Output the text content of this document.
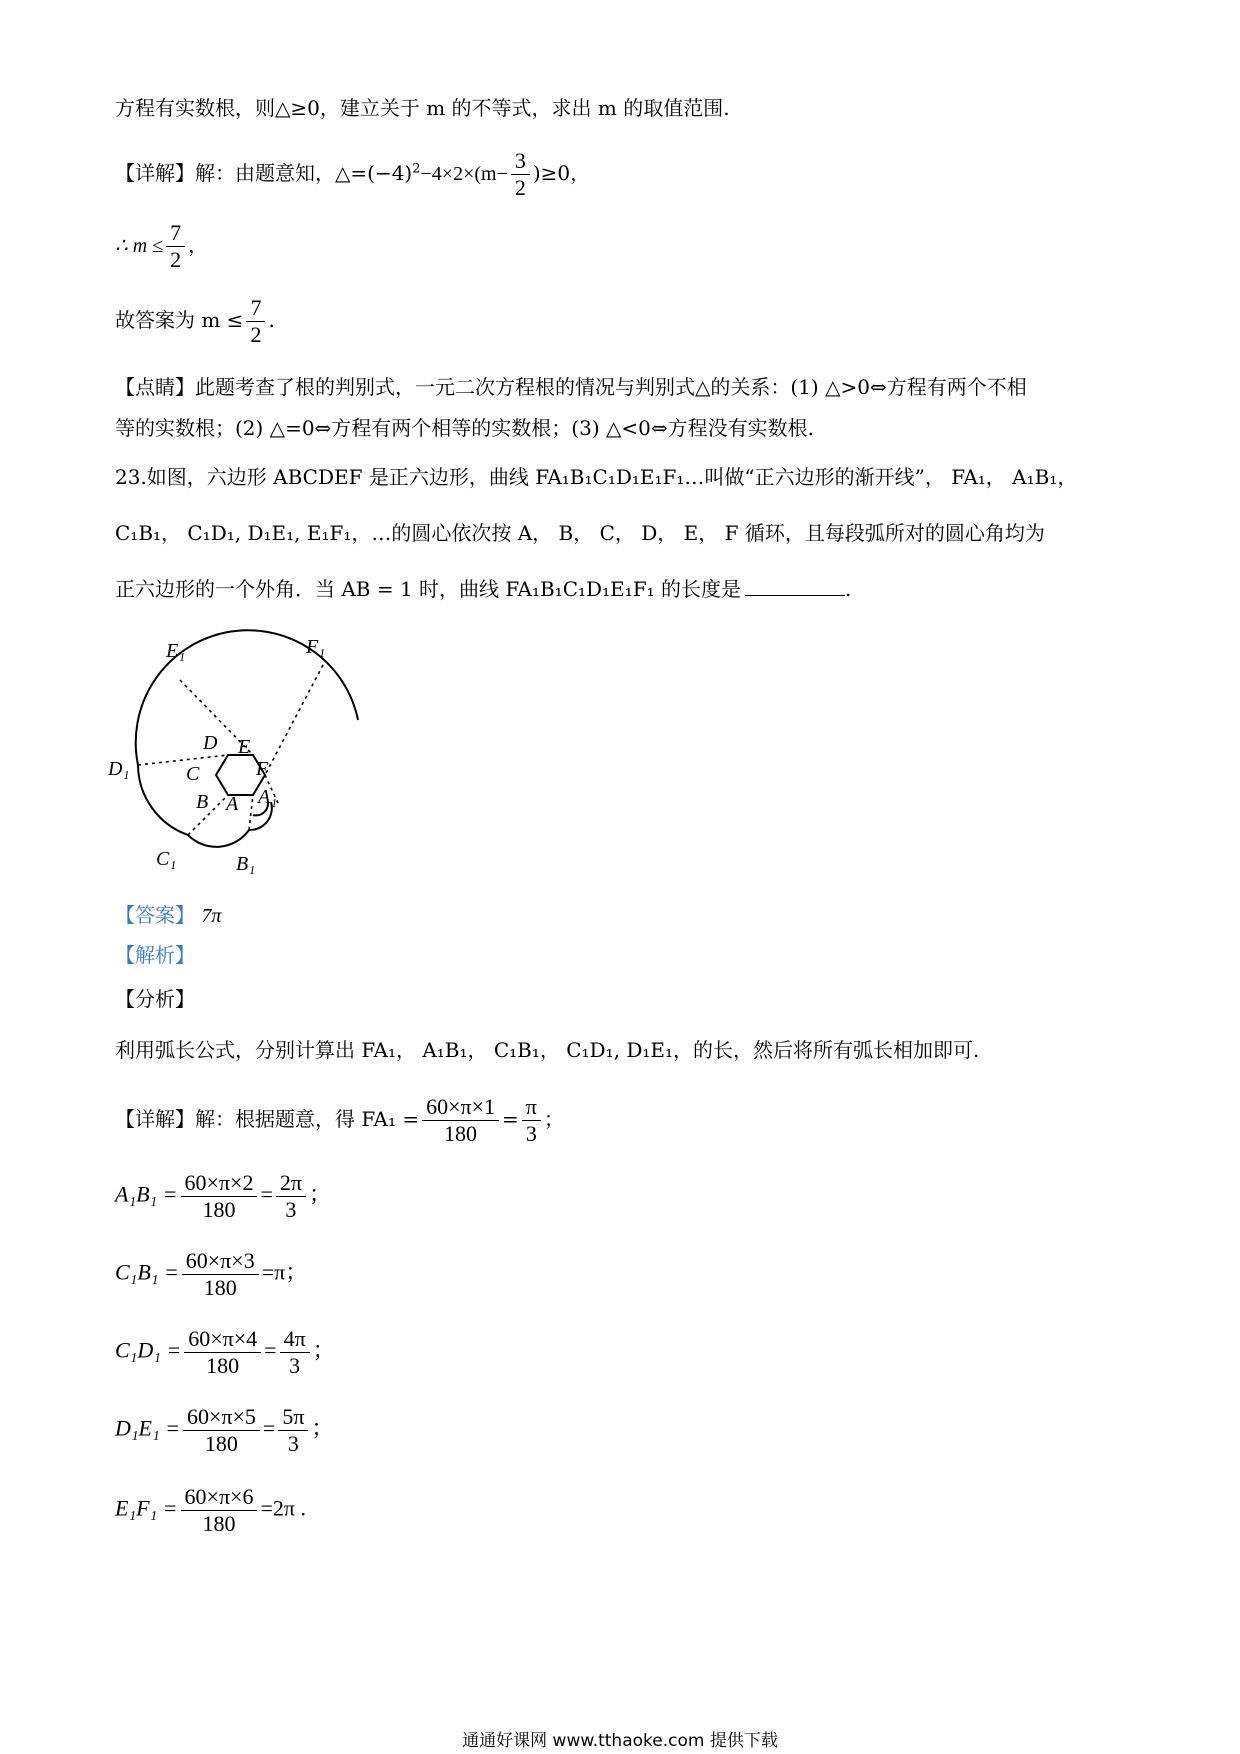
方程有实数根，则△≥0，建立关于 m 的不等式，求出 m 的取值范围.
【详解】解：由题意知，$\triangle=(-4)^2-4\times 2\times(m- \frac{3}{2} )\ge 0$，
∴ $m \le \frac{7}{2}$ ，
故答案为 $m \le \frac{7}{2}$ .
【点睛】此题考查了根的判别式，一元二次方程根的情况与判别式△的关系：(1) △>0⇔方程有两个不相
等的实数根；(2) △=0⇔方程有两个相等的实数根；(3) △<0⇔方程没有实数根.
23.如图，六边形 ABCDEF 是正六边形，曲线 FA₁B₁C₁D₁E₁F₁…叫做“正六边形的渐开线”， FA₁， A₁B₁，
C₁B₁， C₁D₁, D₁E₁, E₁F₁，…的圆心依次按 A， B， C， D， E， F 循环，且每段弧所对的圆心角均为
正六边形的一个外角．当 AB = 1 时，曲线 FA₁B₁C₁D₁E₁F₁ 的长度是	.
E₁	F₁
D₁
D E
C	F
B A A₁
C₁	B₁
【答案】 7π
【解析】
【分析】
利用弧长公式，分别计算出 FA₁， A₁B₁， C₁B₁， C₁D₁, D₁E₁，的长，然后将所有弧长相加即可.
【详解】解：根据题意，得 $FA_1 = \frac{60\times\pi\times 1}{180} = \frac{\pi}{3}$ ；
$A_1B_1 = \frac{60\times\pi\times 2}{180} = \frac{2\pi}{3}$ ；
$C_1B_1 = \frac{60\times\pi\times 3}{180} =\pi$；
$C_1D_1 = \frac{60\times\pi\times 4}{180} = \frac{4\pi}{3}$ ；
$D_1E_1 = \frac{60\times\pi\times 5}{180} = \frac{5\pi}{3}$ ；
$E_1F_1 = \frac{60\times\pi\times 6}{180} =2\pi$ .
通通好课网 www.tthaoke.com 提供下载
